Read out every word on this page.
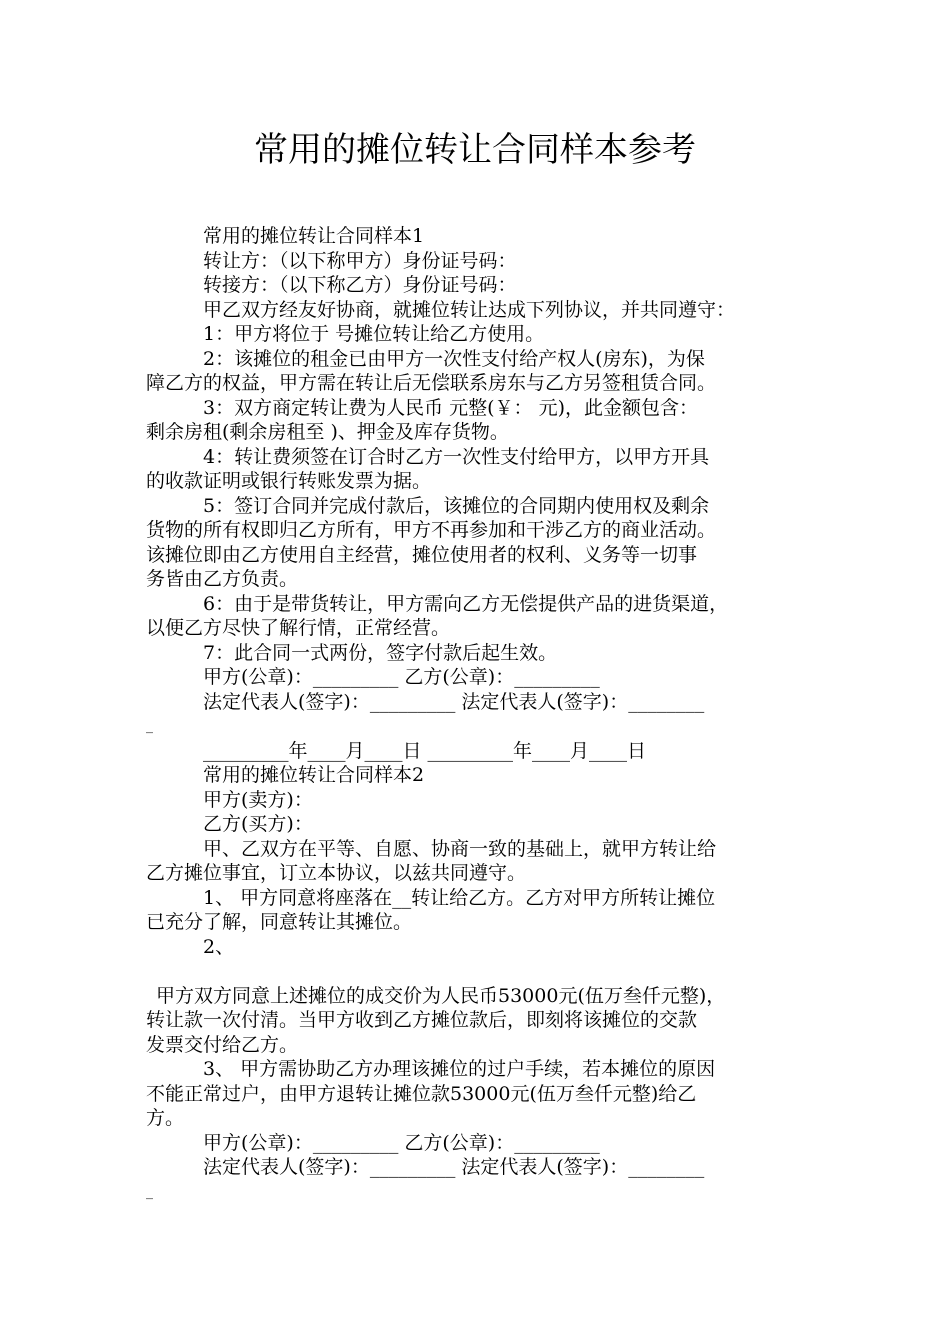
常用的摊位转让合同样本参考
常用的摊位转让合同样本1
转让方：（以下称甲方）身份证号码：
转接方：（以下称乙方）身份证号码：
甲乙双方经友好协商，就摊位转让达成下列协议，并共同遵守：
1：甲方将位于 号摊位转让给乙方使用。
2：该摊位的租金已由甲方一次性支付给产权人(房东)，为保
障乙方的权益，甲方需在转让后无偿联系房东与乙方另签租赁合同。
3：双方商定转让费为人民币 元整(￥： 元)，此金额包含：
剩余房租(剩余房租至 )、押金及库存货物。
4：转让费须签在订合时乙方一次性支付给甲方，以甲方开具
的收款证明或银行转账发票为据。
5：签订合同并完成付款后，该摊位的合同期内使用权及剩余
货物的所有权即归乙方所有，甲方不再参加和干涉乙方的商业活动。
该摊位即由乙方使用自主经营，摊位使用者的权利、义务等一切事
务皆由乙方负责。
6：由于是带货转让，甲方需向乙方无偿提供产品的进货渠道，
以便乙方尽快了解行情，正常经营。
7：此合同一式两份，签字付款后起生效。
甲方(公章)：_________ 乙方(公章)：_________
法定代表人(签字)：_________ 法定代表人(签字)：________
_
_________年____月____日 _________年____月____日
常用的摊位转让合同样本2
甲方(卖方)：
乙方(买方)：
甲、乙双方在平等、自愿、协商一致的基础上，就甲方转让给
乙方摊位事宜，订立本协议，以兹共同遵守。
1、 甲方同意将座落在__转让给乙方。乙方对甲方所转让摊位
已充分了解，同意转让其摊位。
2、
甲方双方同意上述摊位的成交价为人民币53000元(伍万叁仟元整)，
转让款一次付清。当甲方收到乙方摊位款后，即刻将该摊位的交款
发票交付给乙方。
3、 甲方需协助乙方办理该摊位的过户手续，若本摊位的原因
不能正常过户，由甲方退转让摊位款53000元(伍万叁仟元整)给乙
方。
甲方(公章)：_________ 乙方(公章)：_________
法定代表人(签字)：_________ 法定代表人(签字)：________
_
